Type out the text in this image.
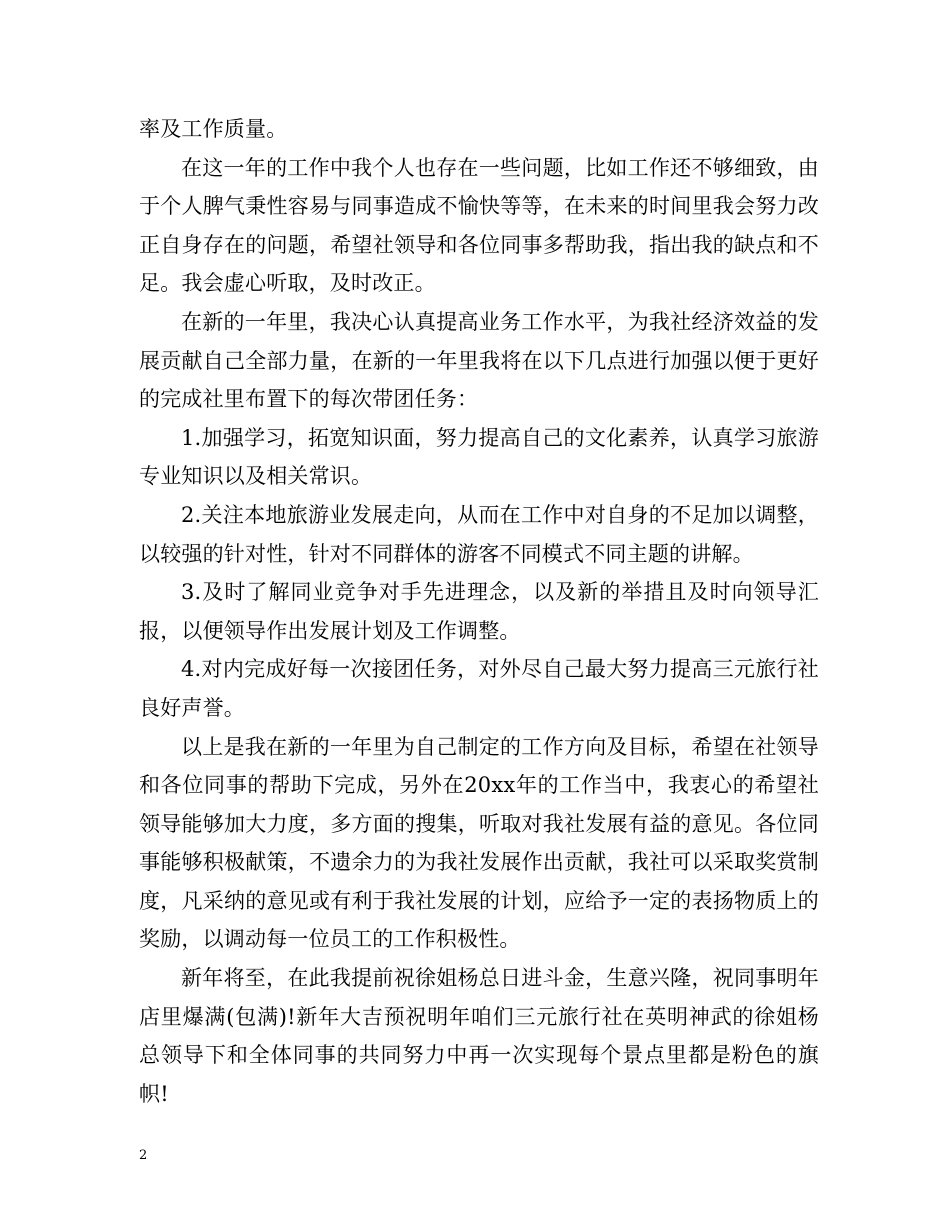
率及工作质量。

在这一年的工作中我个人也存在一些问题，比如工作还不够细致，由于个人脾气秉性容易与同事造成不愉快等等，在未来的时间里我会努力改正自身存在的问题，希望社领导和各位同事多帮助我，指出我的缺点和不足。我会虚心听取，及时改正。

在新的一年里，我决心认真提高业务工作水平，为我社经济效益的发展贡献自己全部力量，在新的一年里我将在以下几点进行加强以便于更好的完成社里布置下的每次带团任务：

1.加强学习，拓宽知识面，努力提高自己的文化素养，认真学习旅游专业知识以及相关常识。

2.关注本地旅游业发展走向，从而在工作中对自身的不足加以调整，以较强的针对性，针对不同群体的游客不同模式不同主题的讲解。

3.及时了解同业竞争对手先进理念，以及新的举措且及时向领导汇报，以便领导作出发展计划及工作调整。

4.对内完成好每一次接团任务，对外尽自己最大努力提高三元旅行社良好声誉。

以上是我在新的一年里为自己制定的工作方向及目标，希望在社领导和各位同事的帮助下完成，另外在20xx年的工作当中，我衷心的希望社领导能够加大力度，多方面的搜集，听取对我社发展有益的意见。各位同事能够积极献策，不遗余力的为我社发展作出贡献，我社可以采取奖赏制度，凡采纳的意见或有利于我社发展的计划，应给予一定的表扬物质上的奖励，以调动每一位员工的工作积极性。

新年将至，在此我提前祝徐姐杨总日进斗金，生意兴隆，祝同事明年店里爆满(包满)!新年大吉预祝明年咱们三元旅行社在英明神武的徐姐杨总领导下和全体同事的共同努力中再一次实现每个景点里都是粉色的旗帜!

2
